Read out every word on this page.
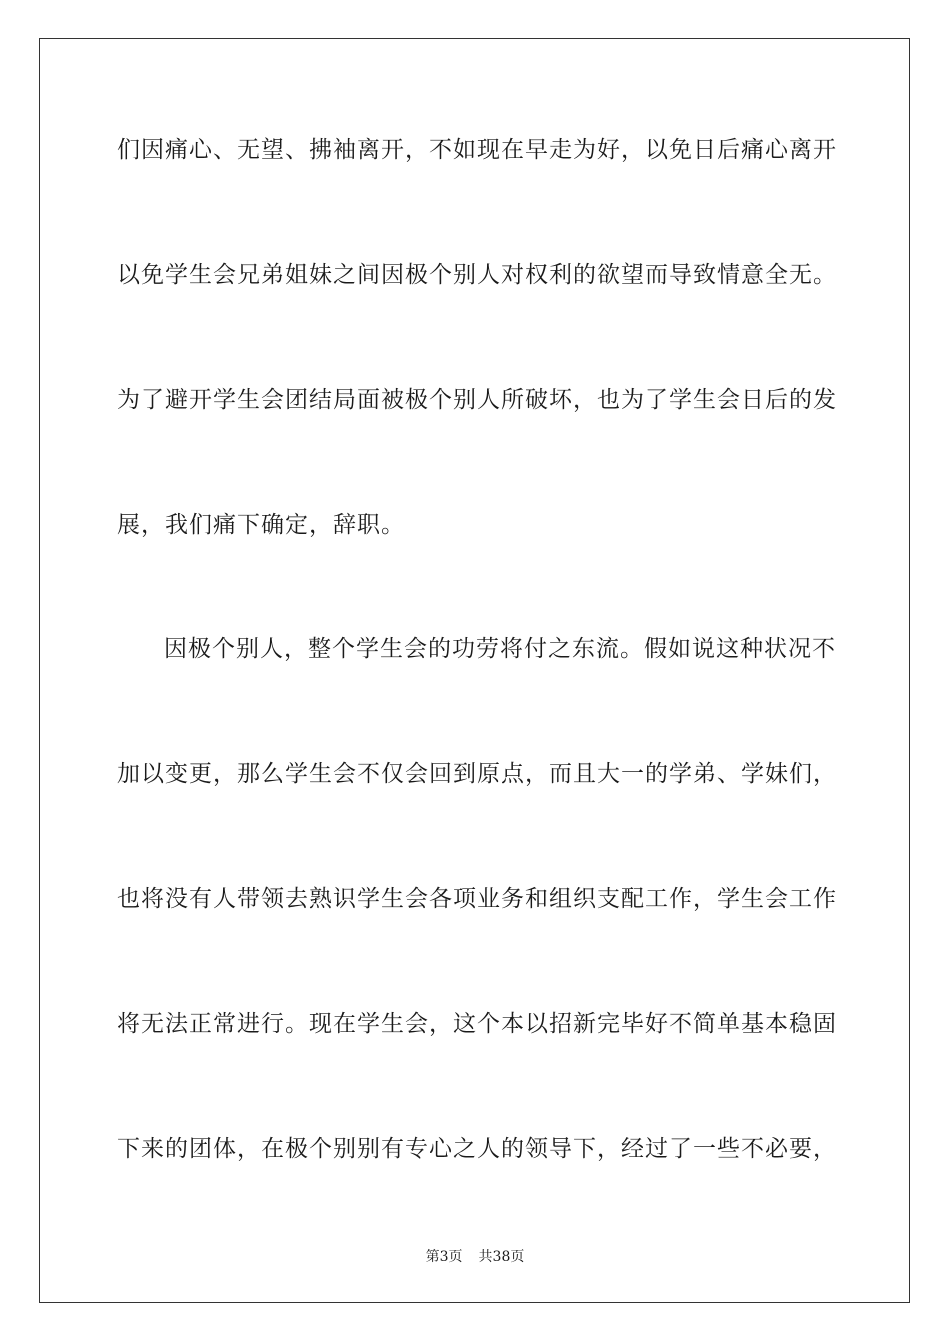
们因痛心、无望、拂袖离开，不如现在早走为好，以免日后痛心离开
以免学生会兄弟姐妹之间因极个别人对权利的欲望而导致情意全无。
为了避开学生会团结局面被极个别人所破坏，也为了学生会日后的发
展，我们痛下确定，辞职。
因极个别人，整个学生会的功劳将付之东流。假如说这种状况不
加以变更，那么学生会不仅会回到原点，而且大一的学弟、学妹们，
也将没有人带领去熟识学生会各项业务和组织支配工作，学生会工作
将无法正常进行。现在学生会，这个本以招新完毕好不简单基本稳固
下来的团体，在极个别别有专心之人的领导下，经过了一些不必要，
第3页 共38页
